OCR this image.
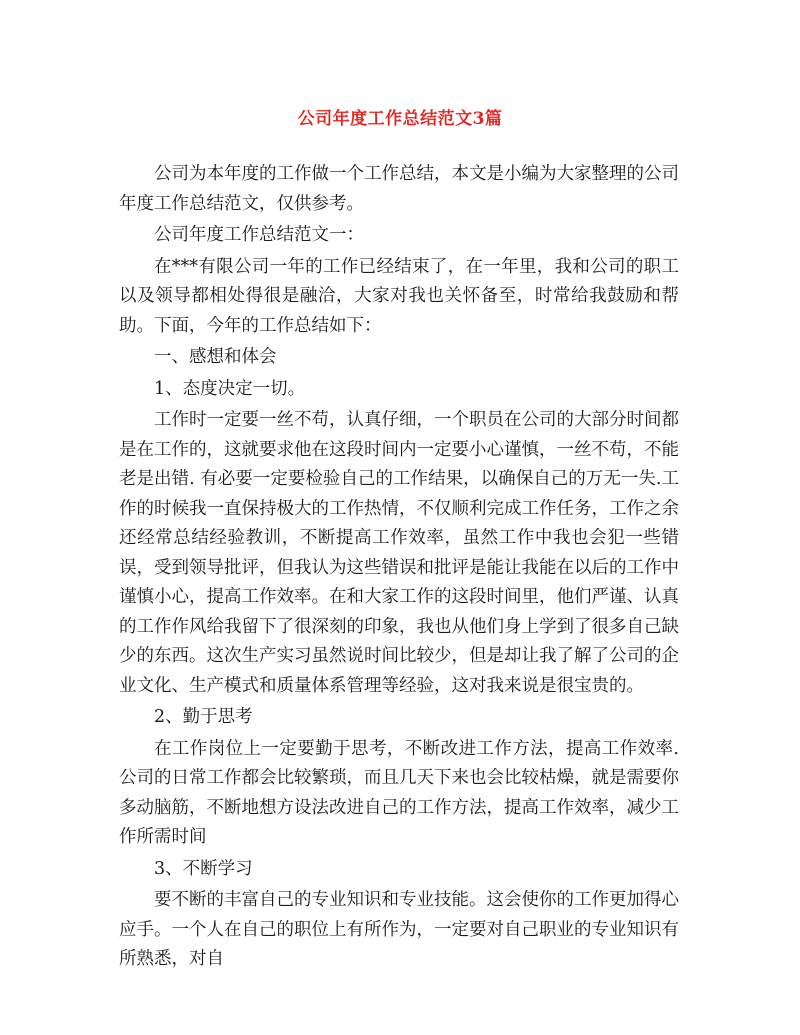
公司年度工作总结范文3篇

公司为本年度的工作做一个工作总结，本文是小编为大家整理的公司年度工作总结范文，仅供参考。

公司年度工作总结范文一：

在***有限公司一年的工作已经结束了，在一年里，我和公司的职工以及领导都相处得很是融洽，大家对我也关怀备至，时常给我鼓励和帮助。下面，今年的工作总结如下：

一、感想和体会

1、态度决定一切。

工作时一定要一丝不苟，认真仔细，一个职员在公司的大部分时间都是在工作的，这就要求他在这段时间内一定要小心谨慎，一丝不苟，不能老是出错. 有必要一定要检验自己的工作结果，以确保自己的万无一失.工作的时候我一直保持极大的工作热情，不仅顺利完成工作任务，工作之余还经常总结经验教训，不断提高工作效率，虽然工作中我也会犯一些错误，受到领导批评，但我认为这些错误和批评是能让我能在以后的工作中谨慎小心，提高工作效率。在和大家工作的这段时间里，他们严谨、认真的工作作风给我留下了很深刻的印象，我也从他们身上学到了很多自己缺少的东西。这次生产实习虽然说时间比较少，但是却让我了解了公司的企业文化、生产模式和质量体系管理等经验，这对我来说是很宝贵的。

2、勤于思考

在工作岗位上一定要勤于思考，不断改进工作方法，提高工作效率. 公司的日常工作都会比较繁琐，而且几天下来也会比较枯燥，就是需要你多动脑筋，不断地想方设法改进自己的工作方法，提高工作效率，减少工作所需时间

3、不断学习

要不断的丰富自己的专业知识和专业技能。这会使你的工作更加得心应手。一个人在自己的职位上有所作为，一定要对自己职业的专业知识有所熟悉，对自
